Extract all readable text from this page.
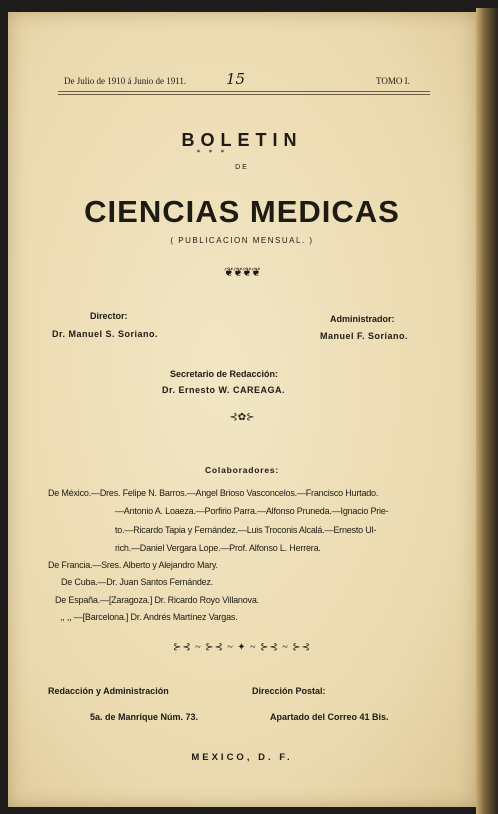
De Julio de 1910 á Junio de 1911.	15	TOMO I.
BOLETIN
* * *
DE
CIENCIAS MEDICAS
( PUBLICACION MENSUAL. )
❦❦❦❦
Director:
Dr. Manuel S. Soriano.
Administrador:
Manuel F. Soriano.
Secretario de Redacción:
Dr. Ernesto W. CAREAGA.
⊰✿⊱
Colaboradores:
De México.—Dres. Felipe N. Barros.—Angel Brioso Vasconcelos.—Francisco Hurtado.
—Antonio A. Loaeza.—Porfirio Parra.—Alfonso Pruneda.—Ignacio Prie-
to.—Ricardo Tapia y Fernández.—Luis Troconis Alcalá.—Ernesto Ul-
rich.—Daniel Vergara Lope.—Prof. Alfonso L. Herrera.
De Francia.—Sres. Alberto y Alejandro Mary.
De Cuba.—Dr. Juan Santos Fernández.
De España.—[Zaragoza.] Dr. Ricardo Royo Villanova.
,, ,, —[Barcelona.] Dr. Andrés Martínez Vargas.
⊱⊰ ~ ⊱⊰ ~ ✦ ~ ⊱⊰ ~ ⊱⊰
Redacción y Administración
5a. de Manrique Núm. 73.
Dirección Postal:
Apartado del Correo 41 Bis.
MEXICO, D. F.
